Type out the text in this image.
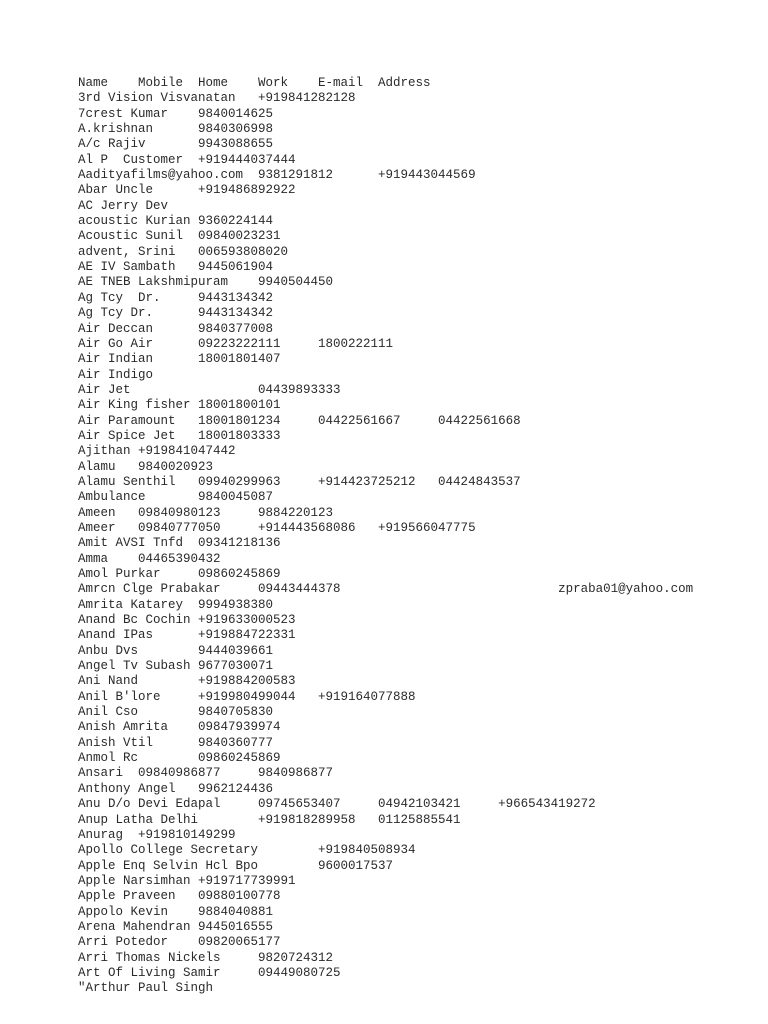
Name    Mobile  Home    Work    E-mail  Address
3rd Vision Visvanatan   +919841282128
7crest Kumar    9840014625
A.krishnan      9840306998
A/c Rajiv       9943088655
Al P  Customer  +919444037444
Aadityafilms@yahoo.com  9381291812      +919443044569
Abar Uncle      +919486892922
AC Jerry Dev
acoustic Kurian 9360224144
Acoustic Sunil  09840023231
advent, Srini   006593808020
AE IV Sambath   9445061904
AE TNEB Lakshmipuram    9940504450
Ag Tcy  Dr.     9443134342
Ag Tcy Dr.      9443134342
Air Deccan      9840377008
Air Go Air      09223222111     1800222111
Air Indian      18001801407
Air Indigo
Air Jet                 04439893333
Air King fisher 18001800101
Air Paramount   18001801234     04422561667     04422561668
Air Spice Jet   18001803333
Ajithan +919841047442
Alamu   9840020923
Alamu Senthil   09940299963     +914423725212   04424843537
Ambulance       9840045087
Ameen   09840980123     9884220123
Ameer   09840777050     +914443568086   +919566047775
Amit AVSI Tnfd  09341218136
Amma    04465390432
Amol Purkar     09860245869
Amrcn Clge Prabakar     09443444378                             zpraba01@yahoo.com
Amrita Katarey  9994938380
Anand Bc Cochin +919633000523
Anand IPas      +919884722331
Anbu Dvs        9444039661
Angel Tv Subash 9677030071
Ani Nand        +919884200583
Anil B'lore     +919980499044   +919164077888
Anil Cso        9840705830
Anish Amrita    09847939974
Anish Vtil      9840360777
Anmol Rc        09860245869
Ansari  09840986877     9840986877
Anthony Angel   9962124436
Anu D/o Devi Edapal     09745653407     04942103421     +966543419272
Anup Latha Delhi        +919818289958   01125885541
Anurag  +919810149299
Apollo College Secretary        +919840508934
Apple Enq Selvin Hcl Bpo        9600017537
Apple Narsimhan +919717739991
Apple Praveen   09880100778
Appolo Kevin    9884040881
Arena Mahendran 9445016555
Arri Potedor    09820065177
Arri Thomas Nickels     9820724312
Art Of Living Samir     09449080725
"Arthur Paul Singh
